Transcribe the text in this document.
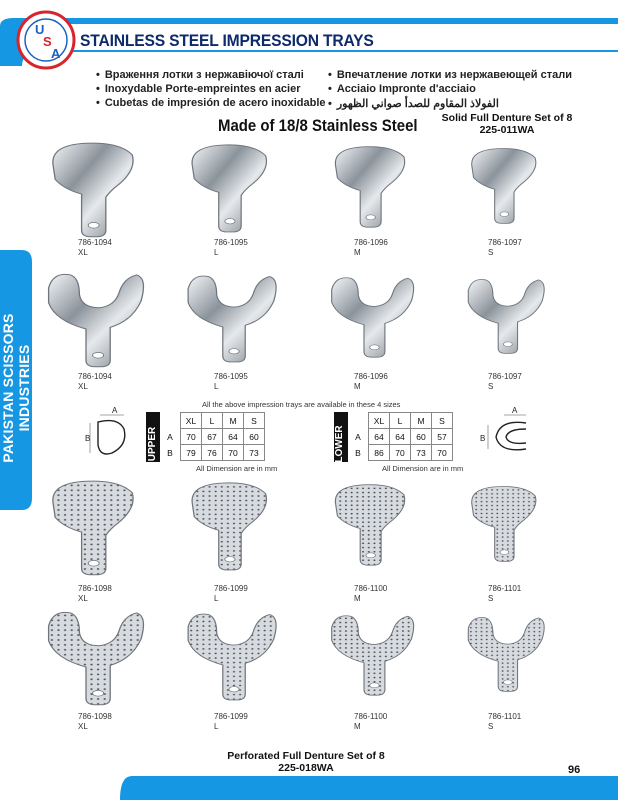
STAINLESS STEEL IMPRESSION TRAYS
U
S
A
• Враження лотки з нержавіючої сталі
• Inoxydable Porte-empreintes en acier
• Cubetas de impresión de acero inoxidable
• Впечатление лотки из нержавеющей стали
• Acciaio Impronte d'acciaio
• الفولاذ المقاوم للصدأ صواني الظهور
Made of 18/8 Stainless Steel	Solid Full Denture Set of 8
225-011WA
PAKISTAN SCISSORS INDUSTRIES
786-1094
XL
786-1095
L
786-1096
M
786-1097
S
786-1094
XL
786-1095
L
786-1096
M
786-1097
S
786-1098
XL
786-1099
L
786-1100
M
786-1101
S
786-1098
XL
786-1099
L
786-1100
M
786-1101
S
All the above impression trays are available in these 4 sizes
A
B	UPPER
	XL	L	M	S
A	70	67	64	60
B	79	76	70	73
All Dimension are in mm
LOWER
	XL	L	M	S
A	64	64	60	57
B	86	70	73	70
All Dimension are in mm
A
B
Perforated Full Denture Set of 8
225-018WA	96
